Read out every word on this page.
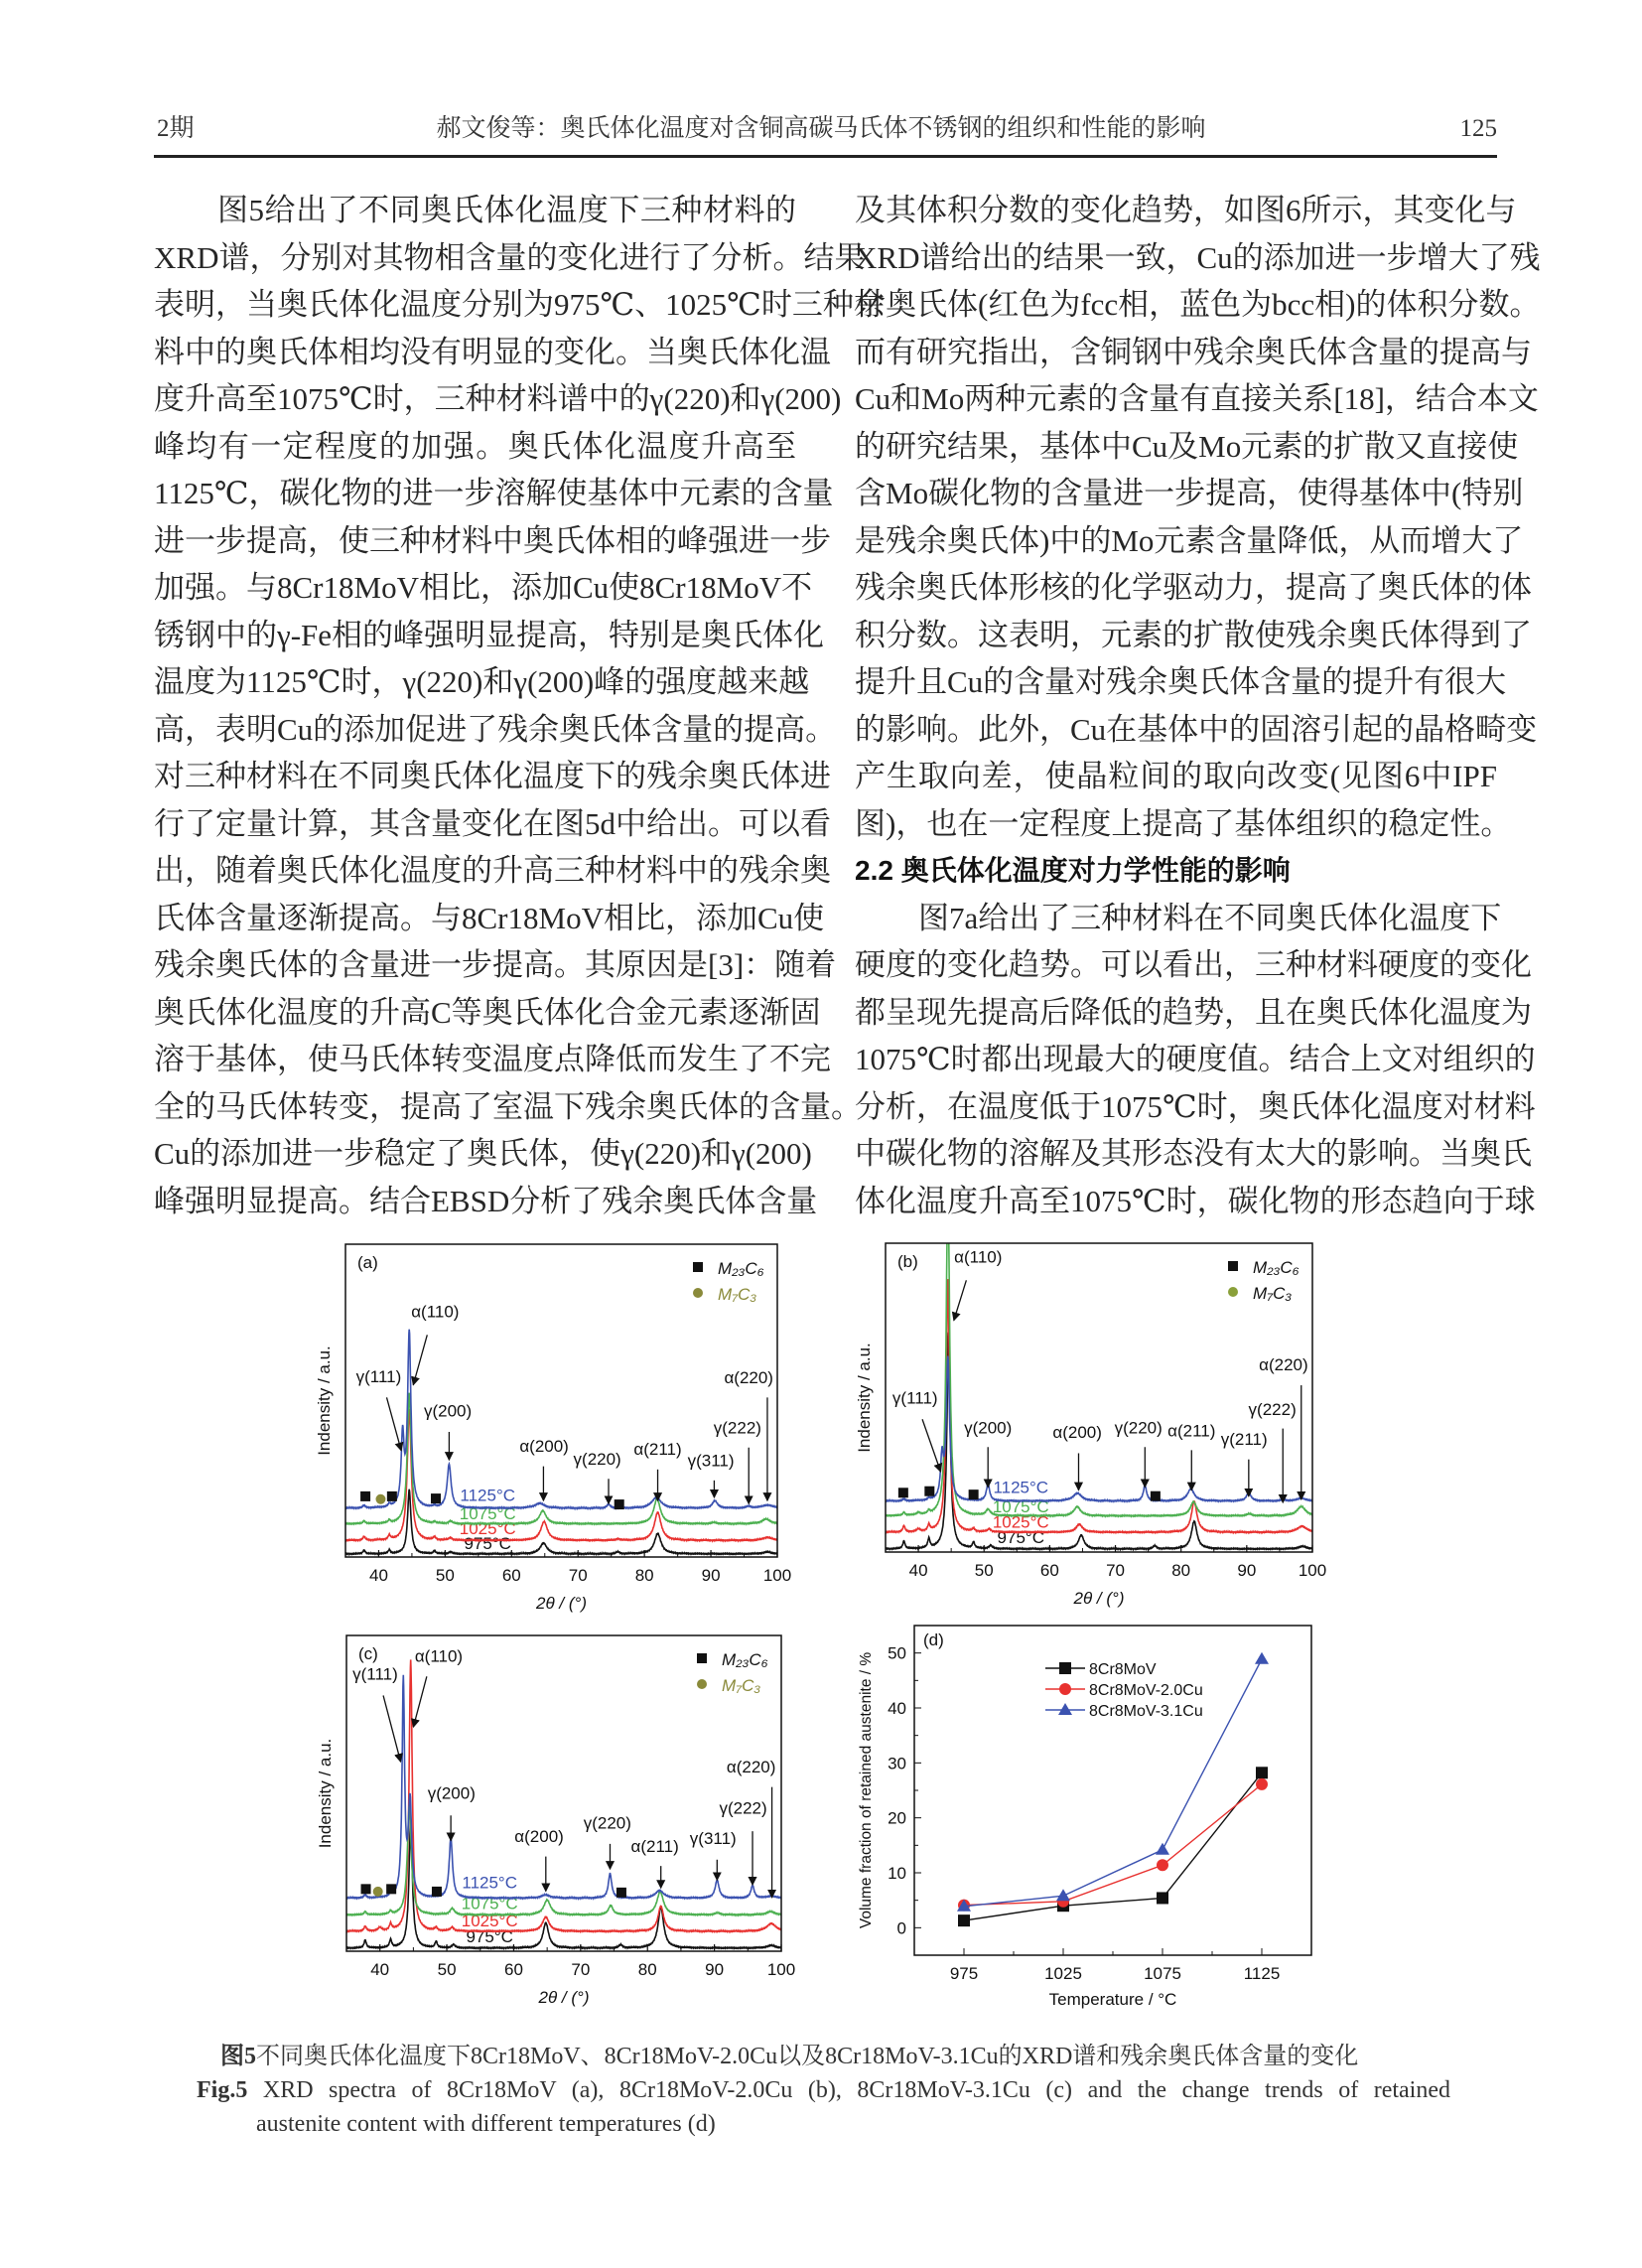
2期	郝文俊等：奥氏体化温度对含铜高碳马氏体不锈钢的组织和性能的影响	125
图5给出了不同奥氏体化温度下三种材料的
XRD谱，分别对其物相含量的变化进行了分析。结果
表明，当奥氏体化温度分别为975℃、1025℃时三种材
料中的奥氏体相均没有明显的变化。当奥氏体化温
度升高至1075℃时，三种材料谱中的γ(220)和γ(200)
峰均有一定程度的加强。奥氏体化温度升高至
1125℃，碳化物的进一步溶解使基体中元素的含量
进一步提高，使三种材料中奥氏体相的峰强进一步
加强。与8Cr18MoV相比，添加Cu使8Cr18MoV不
锈钢中的γ-Fe相的峰强明显提高，特别是奥氏体化
温度为1125℃时，γ(220)和γ(200)峰的强度越来越
高，表明Cu的添加促进了残余奥氏体含量的提高。
对三种材料在不同奥氏体化温度下的残余奥氏体进
行了定量计算，其含量变化在图5d中给出。可以看
出，随着奥氏体化温度的升高三种材料中的残余奥
氏体含量逐渐提高。与8Cr18MoV相比，添加Cu使
残余奥氏体的含量进一步提高。其原因是[3]：随着
奥氏体化温度的升高C等奥氏体化合金元素逐渐固
溶于基体，使马氏体转变温度点降低而发生了不完
全的马氏体转变，提高了室温下残余奥氏体的含量。
Cu的添加进一步稳定了奥氏体，使γ(220)和γ(200)
峰强明显提高。结合EBSD分析了残余奥氏体含量
及其体积分数的变化趋势，如图6所示，其变化与
XRD谱给出的结果一致，Cu的添加进一步增大了残
余奥氏体(红色为fcc相，蓝色为bcc相)的体积分数。
而有研究指出，含铜钢中残余奥氏体含量的提高与
Cu和Mo两种元素的含量有直接关系[18]，结合本文
的研究结果，基体中Cu及Mo元素的扩散又直接使
含Mo碳化物的含量进一步提高，使得基体中(特别
是残余奥氏体)中的Mo元素含量降低，从而增大了
残余奥氏体形核的化学驱动力，提高了奥氏体的体
积分数。这表明，元素的扩散使残余奥氏体得到了
提升且Cu的含量对残余奥氏体含量的提升有很大
的影响。此外，Cu在基体中的固溶引起的晶格畸变
产生取向差，使晶粒间的取向改变(见图6中IPF
图)，也在一定程度上提高了基体组织的稳定性。
2.2 奥氏体化温度对力学性能的影响
图7a给出了三种材料在不同奥氏体化温度下
硬度的变化趋势。可以看出，三种材料硬度的变化
都呈现先提高后降低的趋势，且在奥氏体化温度为
1075℃时都出现最大的硬度值。结合上文对组织的
分析，在温度低于1075℃时，奥氏体化温度对材料
中碳化物的溶解及其形态没有太大的影响。当奥氏
体化温度升高至1075℃时，碳化物的形态趋向于球
975°C
1025°C
1075°C
1125°C
40	50	60	70	80	90	100
2θ / (°)
Indensity / a.u.
(a)	M₂₃C₆
M₇C₃
γ(111)
α(110)
γ(200)
α(200)
γ(220)
α(211)
γ(311)
γ(222)
α(220)
975°C
1025°C
1075°C
1125°C
40	50	60	70	80	90	100
2θ / (°)
Indensity / a.u.
(b)	M₂₃C₆
M₇C₃
γ(111)
α(110)
γ(200) α(200) γ(220) α(211) γ(211)
γ(222)
α(220)
975°C
1025°C
1075°C
1125°C
40	50	60	70	80	90	100
2θ / (°)
Indensity / a.u.
(c)	M₂₃C₆
M₇C₃
γ(111)
α(110)
γ(200)
α(200)
γ(220)
α(211) γ(311)
γ(222)
α(220)
0
10
20
30
40
50
975	1025	1075	1125
Temperature / °C
Volume fraction of retained austenite / %
(d)
8Cr8MoV
8Cr8MoV-2.0Cu
8Cr8MoV-3.1Cu
图5不同奥氏体化温度下8Cr18MoV、8Cr18MoV-2.0Cu以及8Cr18MoV-3.1Cu的XRD谱和残余奥氏体含量的变化
Fig.5 XRD spectra of 8Cr18MoV (a), 8Cr18MoV-2.0Cu (b), 8Cr18MoV-3.1Cu (c) and the change trends of retained
austenite content with different temperatures (d)
